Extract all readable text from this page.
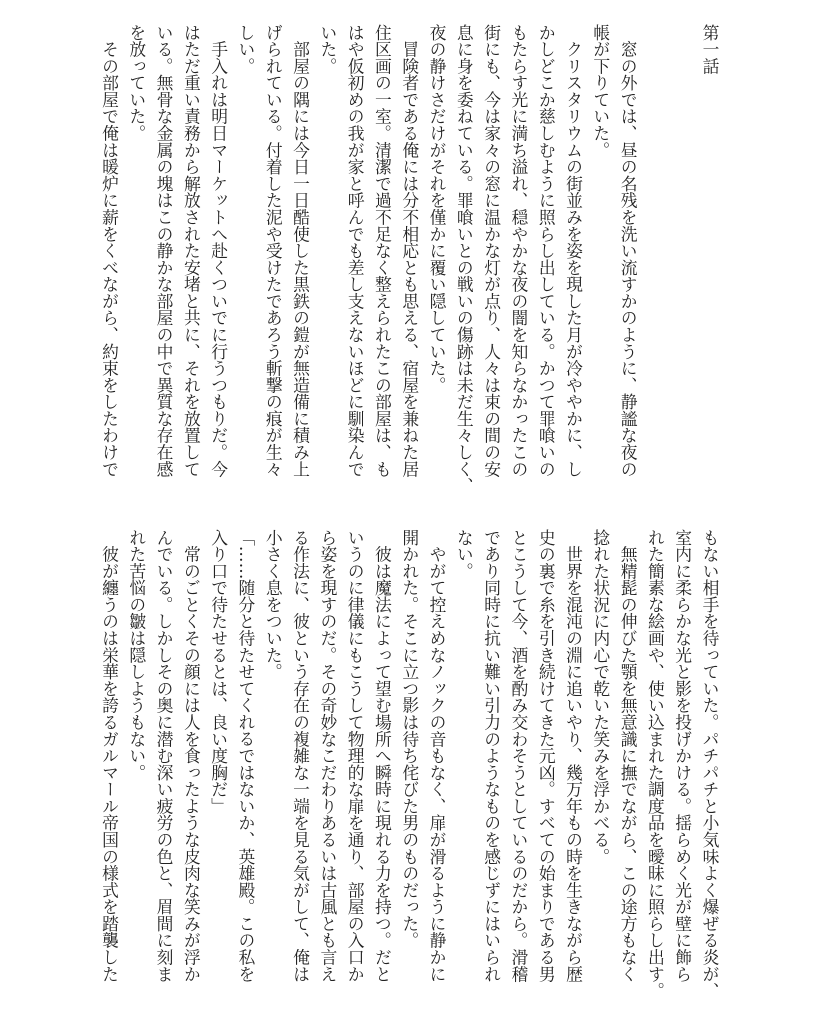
第一話
　窓の外では、昼の名残を洗い流すかのように、静謐な夜の
帳が下りていた。
　クリスタリウムの街並みを姿を現した月が冷ややかに、し
かしどこか慈しむように照らし出している。かつて罪喰いの
もたらす光に満ち溢れ、穏やかな夜の闇を知らなかったこの
街にも、今は家々の窓に温かな灯が点り、人々は束の間の安
息に身を委ねている。罪喰いとの戦いの傷跡は未だ生々しく、
夜の静けさだけがそれを僅かに覆い隠していた。
　冒険者である俺には分不相応とも思える、宿屋を兼ねた居
住区画の一室。清潔で過不足なく整えられたこの部屋は、も
はや仮初めの我が家と呼んでも差し支えないほどに馴染んで
いた。
　部屋の隅には今日一日酷使した黒鉄の鎧が無造備に積み上
げられている。付着した泥や受けたであろう斬撃の痕が生々
しい。
　手入れは明日マーケットへ赴くついでに行うつもりだ。今
はただ重い責務から解放された安堵と共に、それを放置して
いる。無骨な金属の塊はこの静かな部屋の中で異質な存在感
を放っていた。
　その部屋で俺は暖炉に薪をくべながら、約束をしたわけで
もない相手を待っていた。パチパチと小気味よく爆ぜる炎が、
室内に柔らかな光と影を投げかける。揺らめく光が壁に飾ら
れた簡素な絵画や、使い込まれた調度品を曖昧に照らし出す。
　無精髭の伸びた顎を無意識に撫でながら、この途方もなく
捻れた状況に内心で乾いた笑みを浮かべる。
　世界を混沌の淵に追いやり、幾万年もの時を生きながら歴
史の裏で糸を引き続けてきた元凶。すべての始まりである男
とこうして今、酒を酌み交わそうとしているのだから。滑稽
であり同時に抗い難い引力のようなものを感じずにはいられ
ない。
　やがて控えめなノックの音もなく、扉が滑るように静かに
開かれた。そこに立つ影は待ち侘びた男のものだった。
　彼は魔法によって望む場所へ瞬時に現れる力を持つ。だと
いうのに律儀にもこうして物理的な扉を通り、部屋の入口か
ら姿を現すのだ。その奇妙なこだわりあるいは古風とも言え
る作法に、彼という存在の複雑な一端を見る気がして、俺は
小さく息をついた。
「……随分と待たせてくれるではないか、英雄殿。この私を
入り口で待たせるとは、良い度胸だ」
　常のごとくその顔には人を食ったような皮肉な笑みが浮か
んでいる。しかしその奥に潜む深い疲労の色と、眉間に刻ま
れた苦悩の皺は隠しようもない。
　彼が纏うのは栄華を誇るガルマール帝国の様式を踏襲した
